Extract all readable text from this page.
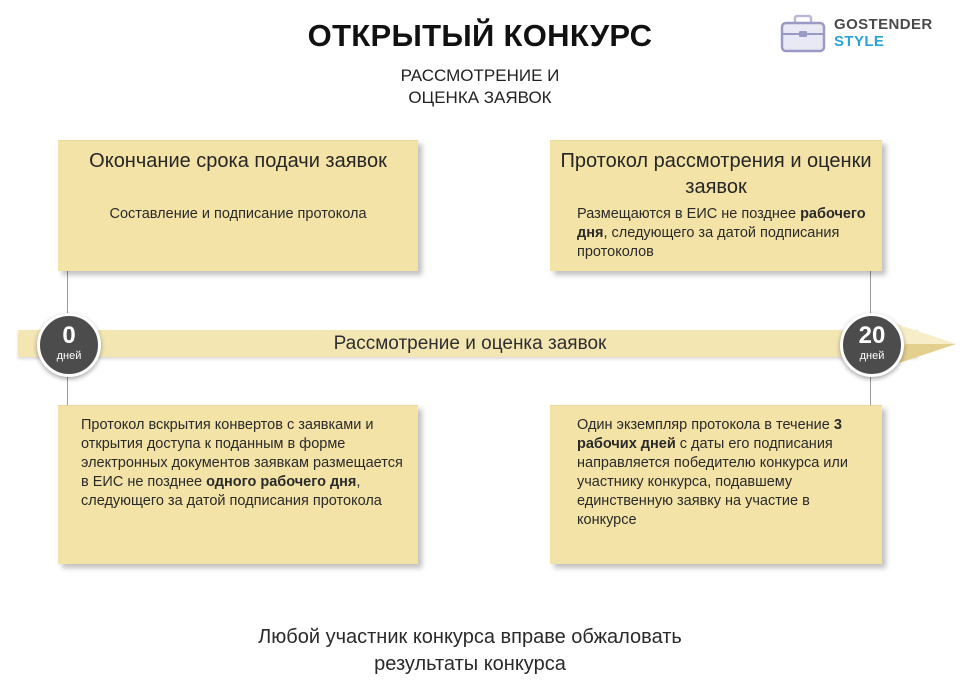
ОТКРЫТЫЙ КОНКУРС
РАССМОТРЕНИЕ И
ОЦЕНКА ЗАЯВОК
GOSTENDER
STYLE
Окончание срока подачи заявок
Составление и подписание протокола
Протокол рассмотрения и оценки заявок
Размещаются в ЕИС не позднее рабочего дня, следующего за датой подписания протоколов
Рассмотрение и оценка заявок
0
дней
20
дней
Протокол вскрытия конвертов с заявками и открытия доступа к поданным в форме электронных документов заявкам размещается в ЕИС не позднее одного рабочего дня, следующего за датой подписания протокола
Один экземпляр протокола в течение 3 рабочих дней с даты его подписания направляется победителю конкурса или участнику конкурса, подавшему единственную заявку на участие в конкурсе
Любой участник конкурса вправе обжаловать
результаты конкурса
